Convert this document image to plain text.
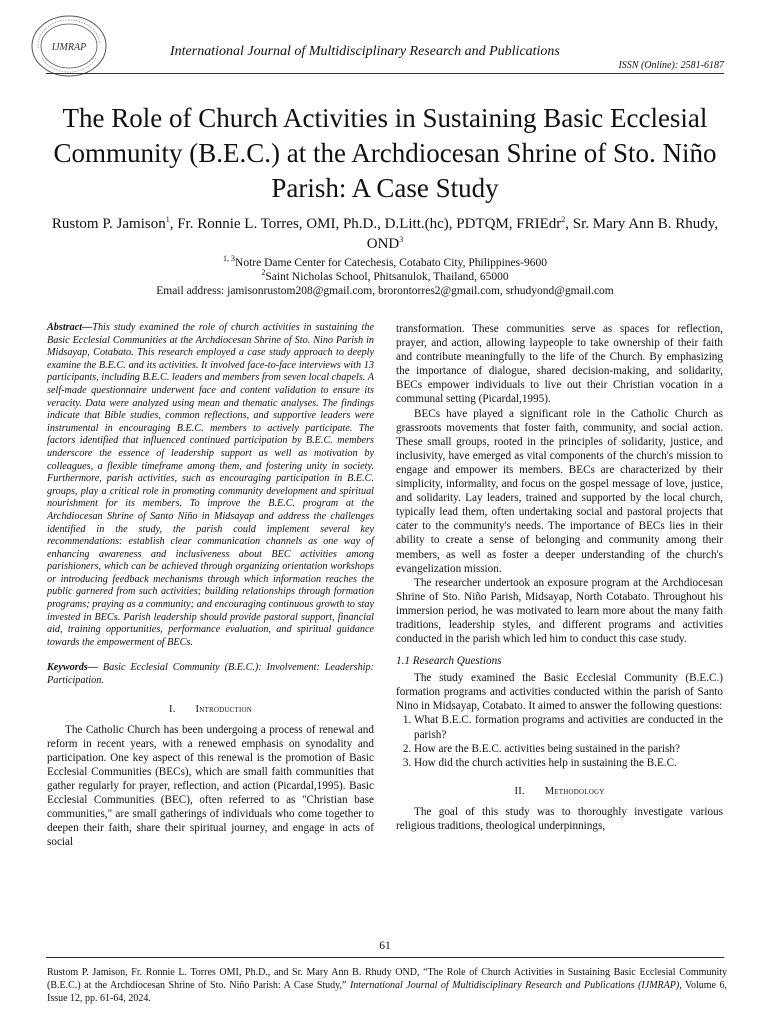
IJMRAP	International Journal of Multidisciplinary Research and Publications
ISSN (Online): 2581-6187
The Role of Church Activities in Sustaining Basic Ecclesial Community (B.E.C.) at the Archdiocesan Shrine of Sto. Niño Parish: A Case Study
Rustom P. Jamison$^1$, Fr. Ronnie L. Torres, OMI, Ph.D., D.Litt.(hc), PDTQM, FRIEdr$^2$, Sr. Mary Ann B. Rhudy, OND$^3$
$^{1, 3}$Notre Dame Center for Catechesis, Cotabato City, Philippines-9600
$^2$Saint Nicholas School, Phitsanulok, Thailand, 65000
Email address: jamisonrustom208@gmail.com, brorontorres2@gmail.com, srhudyond@gmail.com

Abstract—This study examined the role of church activities in sustaining the Basic Ecclesial Communities at the Archdiocesan Shrine of Sto. Nino Parish in Midsayap, Cotabato. This research employed a case study approach to deeply examine the B.E.C. and its activities. It involved face-to-face interviews with 13 participants, including B.E.C. leaders and members from seven local chapels. A self-made questionnaire underwent face and content validation to ensure its veracity. Data were analyzed using mean and thematic analyses. The findings indicate that Bible studies, common reflections, and supportive leaders were instrumental in encouraging B.E.C. members to actively participate. The factors identified that influenced continued participation by B.E.C. members underscore the essence of leadership support as well as motivation by colleagues, a flexible timeframe among them, and fostering unity in society. Furthermore, parish activities, such as encouraging participation in B.E.C. groups, play a critical role in promoting community development and spiritual nourishment for its members. To improve the B.E.C. program at the Archdiocesan Shrine of Santo Niño in Midsayap and address the challenges identified in the study, the parish could implement several key recommendations: establish clear communication channels as one way of enhancing awareness and inclusiveness about BEC activities among parishioners, which can be achieved through organizing orientation workshops or introducing feedback mechanisms through which information reaches the public garnered from such activities; building relationships through formation programs; praying as a community; and encouraging continuous growth to stay invested in BECs. Parish leadership should provide pastoral support, financial aid, training opportunities, performance evaluation, and spiritual guidance towards the empowerment of BECs.

Keywords— Basic Ecclesial Community (B.E.C.): Involvement: Leadership: Participation.

I. Introduction

The Catholic Church has been undergoing a process of renewal and reform in recent years, with a renewed emphasis on synodality and participation. One key aspect of this renewal is the promotion of Basic Ecclesial Communities (BECs), which are small faith communities that gather regularly for prayer, reflection, and action (Picardal,1995). Basic Ecclesial Communities (BEC), often referred to as "Christian base communities," are small gatherings of individuals who come together to deepen their faith, share their spiritual journey, and engage in acts of social

transformation. These communities serve as spaces for reflection, prayer, and action, allowing laypeople to take ownership of their faith and contribute meaningfully to the life of the Church. By emphasizing the importance of dialogue, shared decision-making, and solidarity, BECs empower individuals to live out their Christian vocation in a communal setting (Picardal,1995).

BECs have played a significant role in the Catholic Church as grassroots movements that foster faith, community, and social action. These small groups, rooted in the principles of solidarity, justice, and inclusivity, have emerged as vital components of the church's mission to engage and empower its members. BECs are characterized by their simplicity, informality, and focus on the gospel message of love, justice, and solidarity. Lay leaders, trained and supported by the local church, typically lead them, often undertaking social and pastoral projects that cater to the community's needs. The importance of BECs lies in their ability to create a sense of belonging and community among their members, as well as foster a deeper understanding of the church's evangelization mission.

The researcher undertook an exposure program at the Archdiocesan Shrine of Sto. Niño Parish, Midsayap, North Cotabato. Throughout his immersion period, he was motivated to learn more about the many faith traditions, leadership styles, and different programs and activities conducted in the parish which led him to conduct this case study.

1.1 Research Questions

The study examined the Basic Ecclesial Community (B.E.C.) formation programs and activities conducted within the parish of Santo Nino in Midsayap, Cotabato. It aimed to answer the following questions:

1. What B.E.C. formation programs and activities are conducted in the parish?
2. How are the B.E.C. activities being sustained in the parish?
3. How did the church activities help in sustaining the B.E.C.
II. Methodology

The goal of this study was to thoroughly investigate various religious traditions, theological underpinnings,

61
Rustom P. Jamison, Fr. Ronnie L. Torres OMI, Ph.D., and Sr. Mary Ann B. Rhudy OND, “The Role of Church Activities in Sustaining Basic Ecclesial Community (B.E.C.) at the Archdiocesan Shrine of Sto. Niño Parish: A Case Study,” International Journal of Multidisciplinary Research and Publications (IJMRAP), Volume 6, Issue 12, pp. 61-64, 2024.
